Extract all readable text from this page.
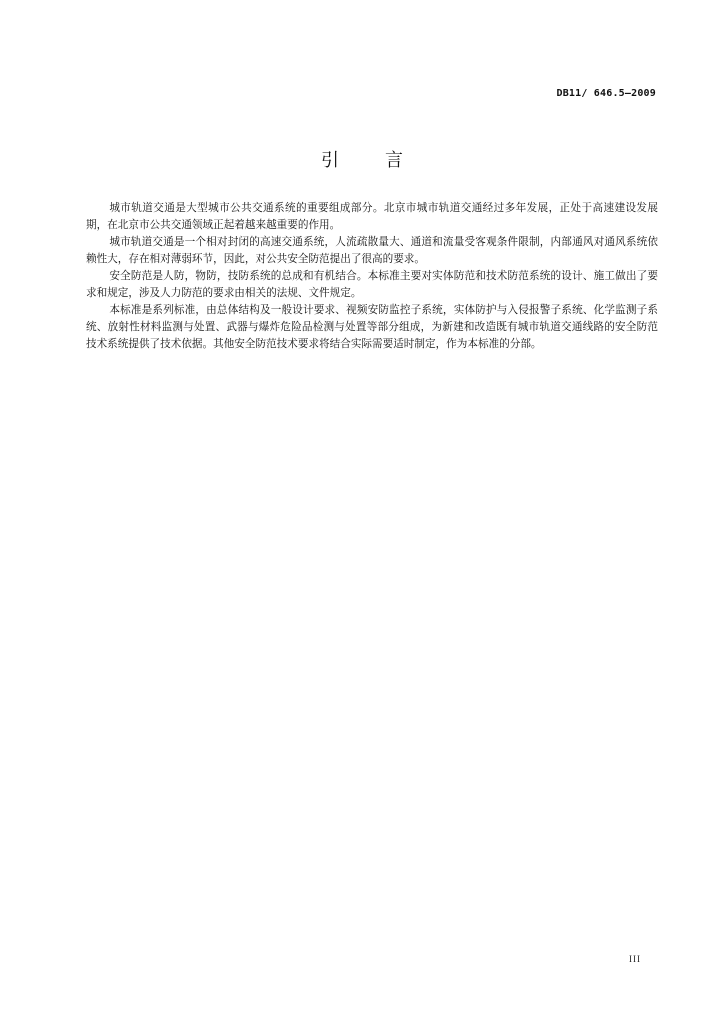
DB11/ 646.5—2009
引	言

城市轨道交通是大型城市公共交通系统的重要组成部分。北京市城市轨道交通经过多年发展，正处于高速建设发展期，在北京市公共交通领域正起着越来越重要的作用。

城市轨道交通是一个相对封闭的高速交通系统，人流疏散量大、通道和流量受客观条件限制，内部通风对通风系统依赖性大，存在相对薄弱环节，因此，对公共安全防范提出了很高的要求。

安全防范是人防，物防，技防系统的总成和有机结合。本标准主要对实体防范和技术防范系统的设计、施工做出了要求和规定，涉及人力防范的要求由相关的法规、文件规定。

本标准是系列标准，由总体结构及一般设计要求、视频安防监控子系统，实体防护与入侵报警子系统、化学监测子系统、放射性材料监测与处置、武器与爆炸危险品检测与处置等部分组成，为新建和改造既有城市轨道交通线路的安全防范技术系统提供了技术依据。其他安全防范技术要求将结合实际需要适时制定，作为本标准的分部。

III
